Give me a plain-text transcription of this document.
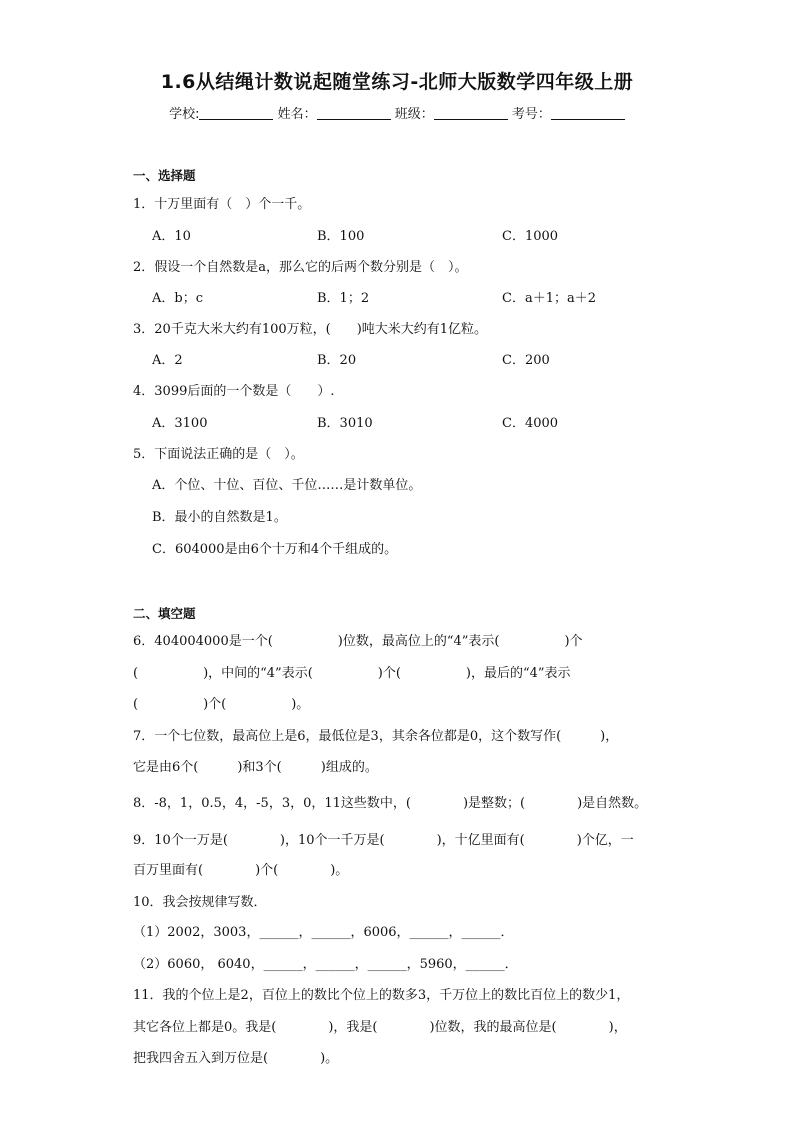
1.6从结绳计数说起随堂练习-北师大版数学四年级上册
学校:	姓名：	班级：	考号：
一、选择题
1．十万里面有（　）个一千。
A．10	B．100	C．1000
2．假设一个自然数是a，那么它的后两个数分别是（　）。
A．b；c	B．1；2	C．a＋1；a＋2
3．20千克大米大约有100万粒，(　　)吨大米大约有1亿粒。
A．2	B．20	C．200
4．3099后面的一个数是（　　）.
A．3100	B．3010	C．4000
5．下面说法正确的是（　）。
A．个位、十位、百位、千位……是计数单位。
B．最小的自然数是1。
C．604000是由6个十万和4个千组成的。
二、填空题
6．404004000是一个(　　　　　)位数，最高位上的“4”表示(　　　　　)个
(　　　　　)，中间的“4”表示(　　　　　)个(　　　　　)，最后的“4”表示
(　　　　　)个(　　　　　)。
7．一个七位数，最高位上是6，最低位是3，其余各位都是0，这个数写作(　　　)，
它是由6个(　　　)和3个(　　　)组成的。
8．-8，1，0.5，4，-5，3，0，11这些数中，(　　　　)是整数；(　　　　)是自然数。
9．10个一万是(　　　　)，10个一千万是(　　　　)，十亿里面有(　　　　)个亿，一
百万里面有(　　　　)个(　　　　)。
10．我会按规律写数．
（1）2002，3003，______，______，6006，______，______．
（2）6060， 6040，______，______，______，5960，______．
11．我的个位上是2，百位上的数比个位上的数多3，千万位上的数比百位上的数少1，
其它各位上都是0。我是(　　　　)，我是(　　　　)位数，我的最高位是(　　　　)，
把我四舍五入到万位是(　　　　)。
